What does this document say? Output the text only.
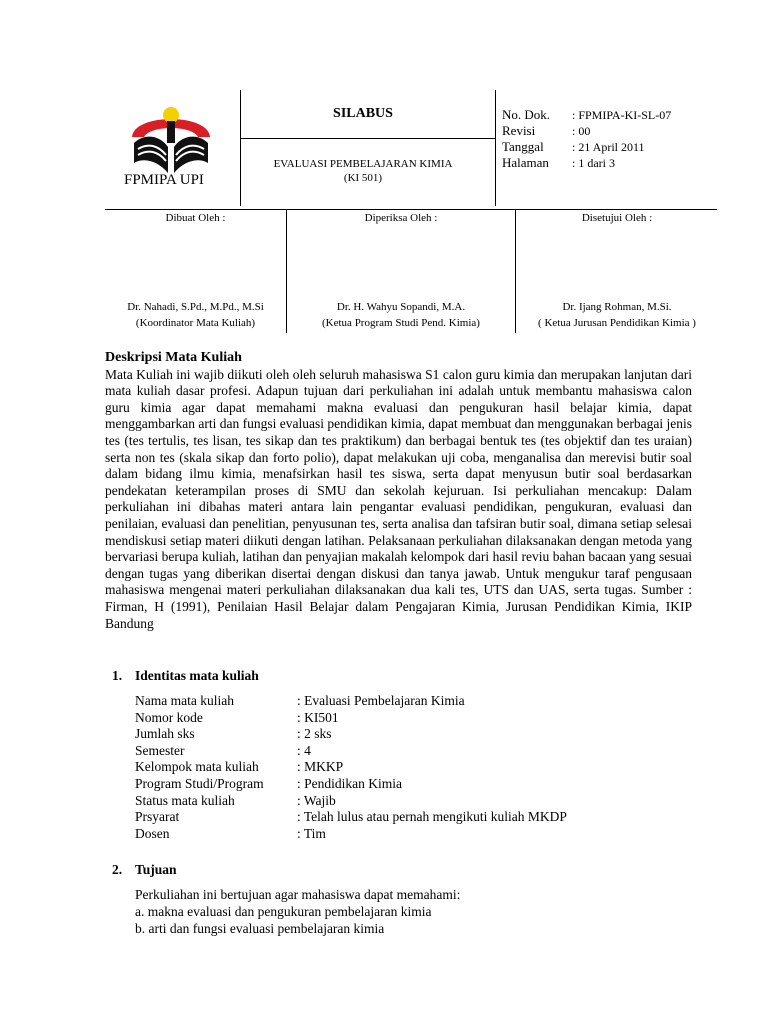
FPMIPA UPI
SILABUS
EVALUASI PEMBELAJARAN KIMIA
(KI 501)
No. Dok.	: FPMIPA-KI-SL-07
Revisi	: 00
Tanggal	: 21 April 2011
Halaman	: 1 dari 3
Dibuat Oleh :	Diperiksa Oleh :	Disetujui Oleh :
Dr. Nahadi, S.Pd., M.Pd., M.Si
(Koordinator Mata Kuliah)
Dr. H. Wahyu Sopandi, M.A.
(Ketua Program Studi Pend. Kimia)
Dr. Ijang Rohman, M.Si.
( Ketua Jurusan Pendidikan Kimia )

Deskripsi Mata Kuliah
Mata Kuliah ini wajib diikuti oleh oleh seluruh mahasiswa S1 calon guru kimia dan merupakan lanjutan dari mata kuliah dasar profesi. Adapun tujuan dari perkuliahan ini adalah untuk membantu mahasiswa calon guru kimia agar dapat memahami makna evaluasi dan pengukuran hasil belajar kimia, dapat menggambarkan arti dan fungsi evaluasi pendidikan kimia, dapat membuat dan menggunakan berbagai jenis tes (tes tertulis, tes lisan, tes sikap dan tes praktikum) dan berbagai bentuk tes (tes objektif dan tes uraian) serta non tes (skala sikap dan forto polio), dapat melakukan uji coba, menganalisa dan merevisi butir soal dalam bidang ilmu kimia, menafsirkan hasil tes siswa, serta dapat menyusun butir soal berdasarkan pendekatan keterampilan proses di SMU dan sekolah kejuruan. Isi perkuliahan mencakup: Dalam perkuliahan ini dibahas materi antara lain pengantar evaluasi pendidikan, pengukuran, evaluasi dan penilaian, evaluasi dan penelitian, penyusunan tes, serta analisa dan tafsiran butir soal, dimana setiap selesai mendiskusi setiap materi diikuti dengan latihan. Pelaksanaan perkuliahan dilaksanakan dengan metoda yang bervariasi berupa kuliah, latihan dan penyajian makalah kelompok dari hasil reviu bahan bacaan yang sesuai dengan tugas yang diberikan disertai dengan diskusi dan tanya jawab. Untuk mengukur taraf pengusaan mahasiswa mengenai materi perkuliahan dilaksanakan dua kali tes, UTS dan UAS, serta tugas. Sumber : Firman, H (1991), Penilaian Hasil Belajar dalam Pengajaran Kimia, Jurusan Pendidikan Kimia, IKIP Bandung

1. Identitas mata kuliah
Nama mata kuliah	: Evaluasi Pembelajaran Kimia
Nomor kode	: KI501
Jumlah sks	: 2 sks
Semester	: 4
Kelompok mata kuliah	: MKKP
Program Studi/Program	: Pendidikan Kimia
Status mata kuliah	: Wajib
Prsyarat	: Telah lulus atau pernah mengikuti kuliah MKDP
Dosen	: Tim
2. Tujuan
Perkuliahan ini bertujuan agar mahasiswa dapat memahami:
a. makna evaluasi dan pengukuran pembelajaran kimia
b. arti dan fungsi evaluasi pembelajaran kimia
